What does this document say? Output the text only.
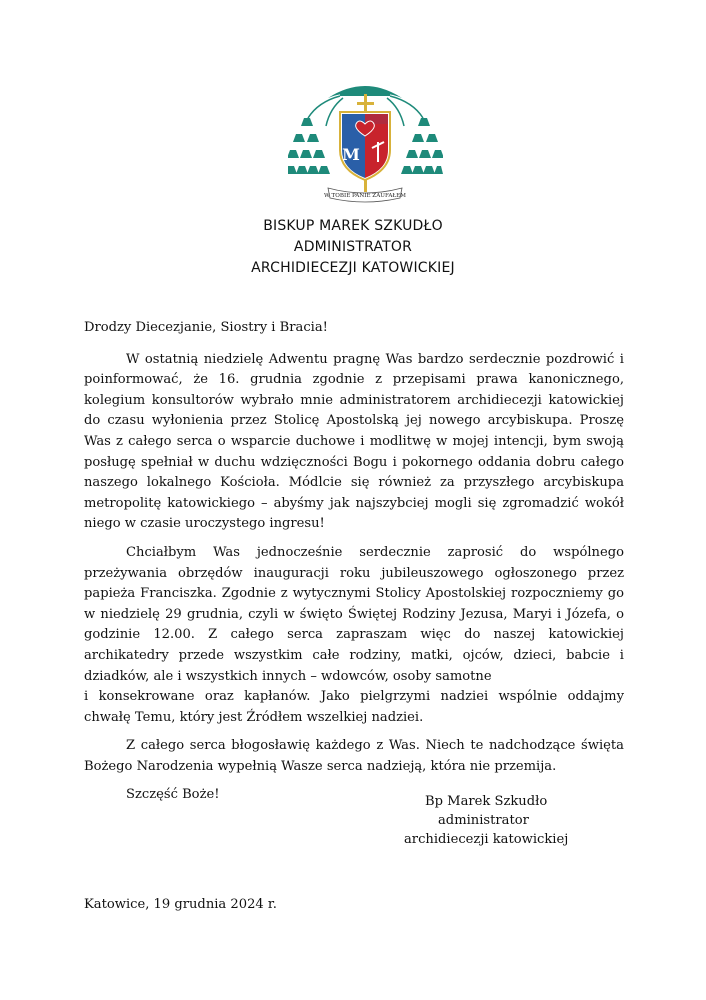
M
W TOBIE PANIE ZAUFAŁEM
BISKUP MAREK SZKUDŁO
ADMINISTRATOR
ARCHIDIECEZJI KATOWICKIEJ

Drodzy Diecezjanie, Siostry i Bracia!

W ostatnią niedzielę Adwentu pragnę Was bardzo serdecznie pozdrowić i poinformować, że 16. grudnia zgodnie z przepisami prawa kanonicznego, kolegium konsultorów wybrało mnie administratorem archidiecezji katowickiej do czasu wyłonienia przez Stolicę Apostolską jej nowego arcybiskupa. Proszę Was z całego serca o wsparcie duchowe i modlitwę w mojej intencji, bym swoją posługę spełniał w duchu wdzięczności Bogu i pokornego oddania dobru całego naszego lokalnego Kościoła. Módlcie się również za przyszłego arcybiskupa metropolitę katowickiego – abyśmy jak najszybciej mogli się zgromadzić wokół niego w czasie uroczystego ingresu!

Chciałbym Was jednocześnie serdecznie zaprosić do wspólnego przeżywania obrzędów inauguracji roku jubileuszowego ogłoszonego przez papieża Franciszka. Zgodnie z wytycznymi Stolicy Apostolskiej rozpoczniemy go w niedzielę 29 grudnia, czyli w święto Świętej Rodziny Jezusa, Maryi i Józefa, o godzinie 12.00. Z całego serca zapraszam więc do naszej katowickiej archikatedry przede wszystkim całe rodziny, matki, ojców, dzieci, babcie i dziadków, ale i wszystkich innych – wdowców, osoby samotne

i konsekrowane oraz kapłanów. Jako pielgrzymi nadziei wspólnie oddajmy chwałę Temu, który jest Źródłem wszelkiej nadziei.

Z całego serca błogosławię każdego z Was. Niech te nadchodzące święta Bożego Narodzenia wypełnią Wasze serca nadzieją, która nie przemija.

Szczęść Boże!	Bp Marek Szkudło
administrator
archidiecezji katowickiej
Katowice, 19 grudnia 2024 r.
